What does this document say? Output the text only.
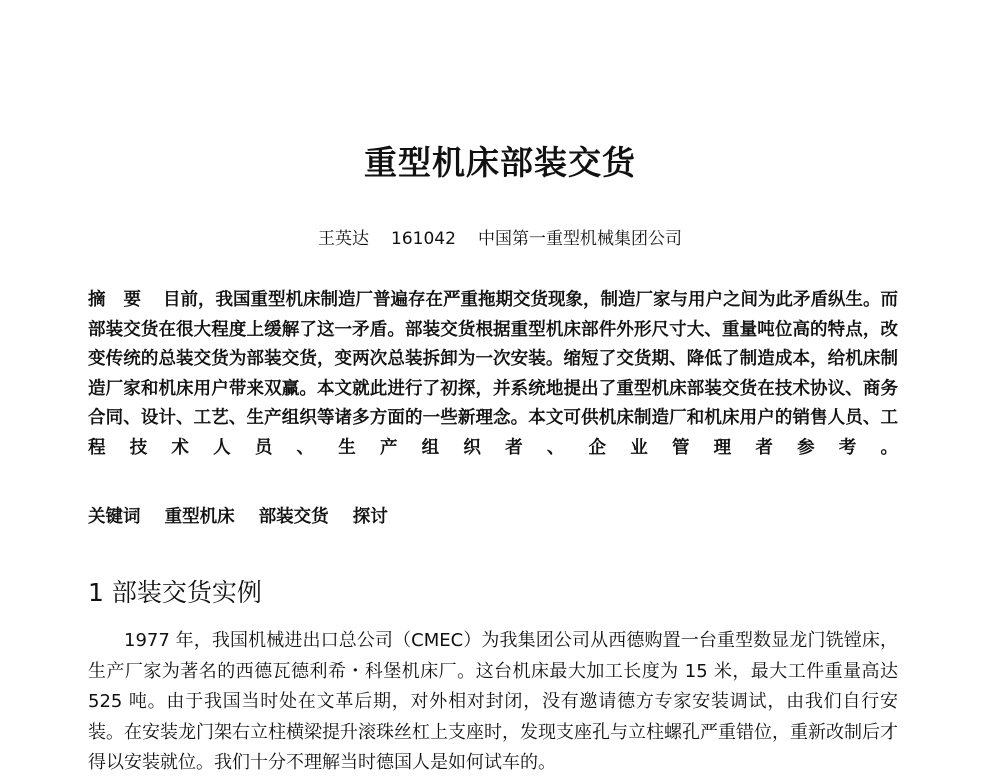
重型机床部装交货
王英达 161042 中国第一重型机械集团公司
摘要 目前，我国重型机床制造厂普遍存在严重拖期交货现象，制造厂家与用户之间为此矛盾纵生。而部装交货在很大程度上缓解了这一矛盾。部装交货根据重型机床部件外形尺寸大、重量吨位高的特点，改变传统的总装交货为部装交货，变两次总装拆卸为一次安装。缩短了交货期、降低了制造成本，给机床制造厂家和机床用户带来双赢。本文就此进行了初探，并系统地提出了重型机床部装交货在技术协议、商务合同、设计、工艺、生产组织等诸多方面的一些新理念。本文可供机床制造厂和机床用户的销售人员、工程技术人员、生产组织者、企业管理者参考。
关键词 重型机床 部装交货 探讨
1 部装交货实例

1977 年，我国机械进出口总公司（CMEC）为我集团公司从西德购置一台重型数显龙门铣镗床，生产厂家为著名的西德瓦德利希・科堡机床厂。这台机床最大加工长度为 15 米，最大工件重量高达 525 吨。由于我国当时处在文革后期，对外相对封闭，没有邀请德方专家安装调试，由我们自行安装。在安装龙门架右立柱横梁提升滚珠丝杠上支座时，发现支座孔与立柱螺孔严重错位，重新改制后才得以安装就位。我们十分不理解当时德国人是如何试车的。
